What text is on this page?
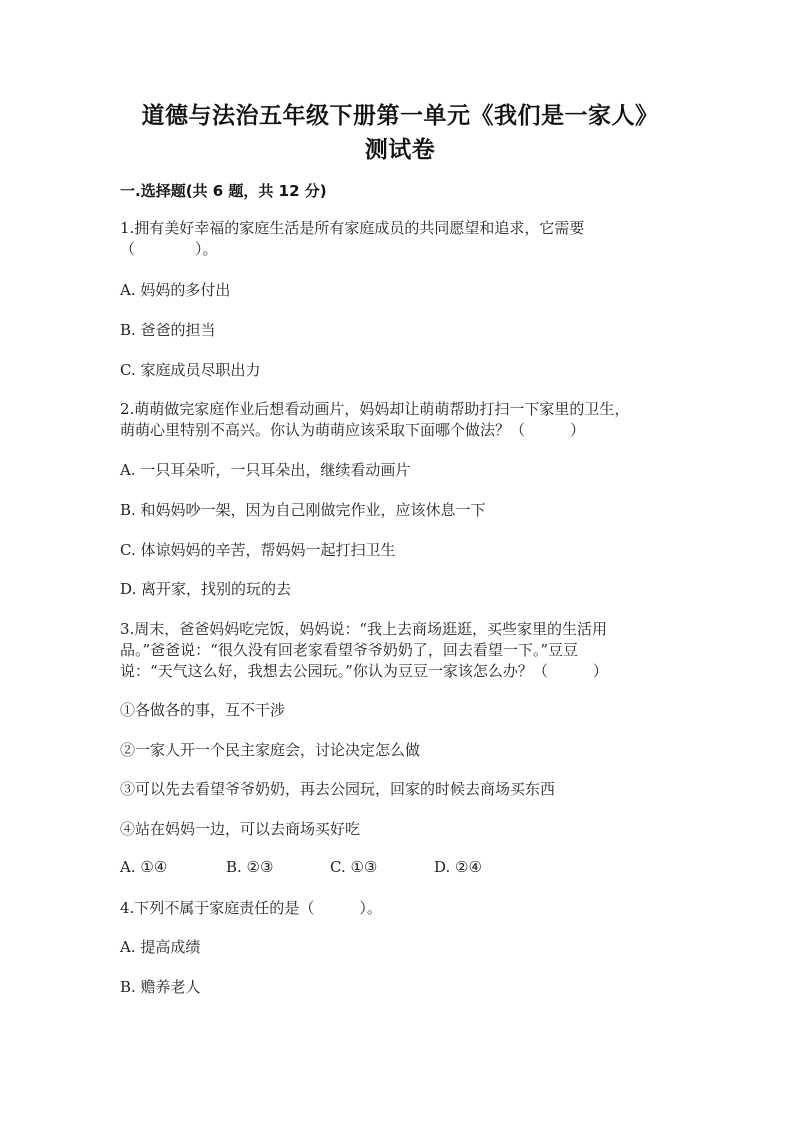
道德与法治五年级下册第一单元《我们是一家人》
测试卷
一.选择题(共 6 题，共 12 分)
1.拥有美好幸福的家庭生活是所有家庭成员的共同愿望和追求，它需要
（　　　　）。
A. 妈妈的多付出
B. 爸爸的担当
C. 家庭成员尽职出力
2.萌萌做完家庭作业后想看动画片，妈妈却让萌萌帮助打扫一下家里的卫生，
萌萌心里特别不高兴。你认为萌萌应该采取下面哪个做法？（　　　）
A. 一只耳朵听，一只耳朵出，继续看动画片
B. 和妈妈吵一架，因为自己刚做完作业，应该休息一下
C. 体谅妈妈的辛苦，帮妈妈一起打扫卫生
D. 离开家，找别的玩的去
3.周末，爸爸妈妈吃完饭，妈妈说：“我上去商场逛逛，买些家里的生活用
品。”爸爸说：“很久没有回老家看望爷爷奶奶了，回去看望一下。”豆豆
说：“天气这么好，我想去公园玩。”你认为豆豆一家该怎么办？（　　　）
①各做各的事，互不干涉
②一家人开一个民主家庭会，讨论决定怎么做
③可以先去看望爷爷奶奶，再去公园玩，回家的时候去商场买东西
④站在妈妈一边，可以去商场买好吃
A. ①④	B. ②③	C. ①③	D. ②④
4.下列不属于家庭责任的是（　　　）。
A. 提高成绩
B. 赡养老人
